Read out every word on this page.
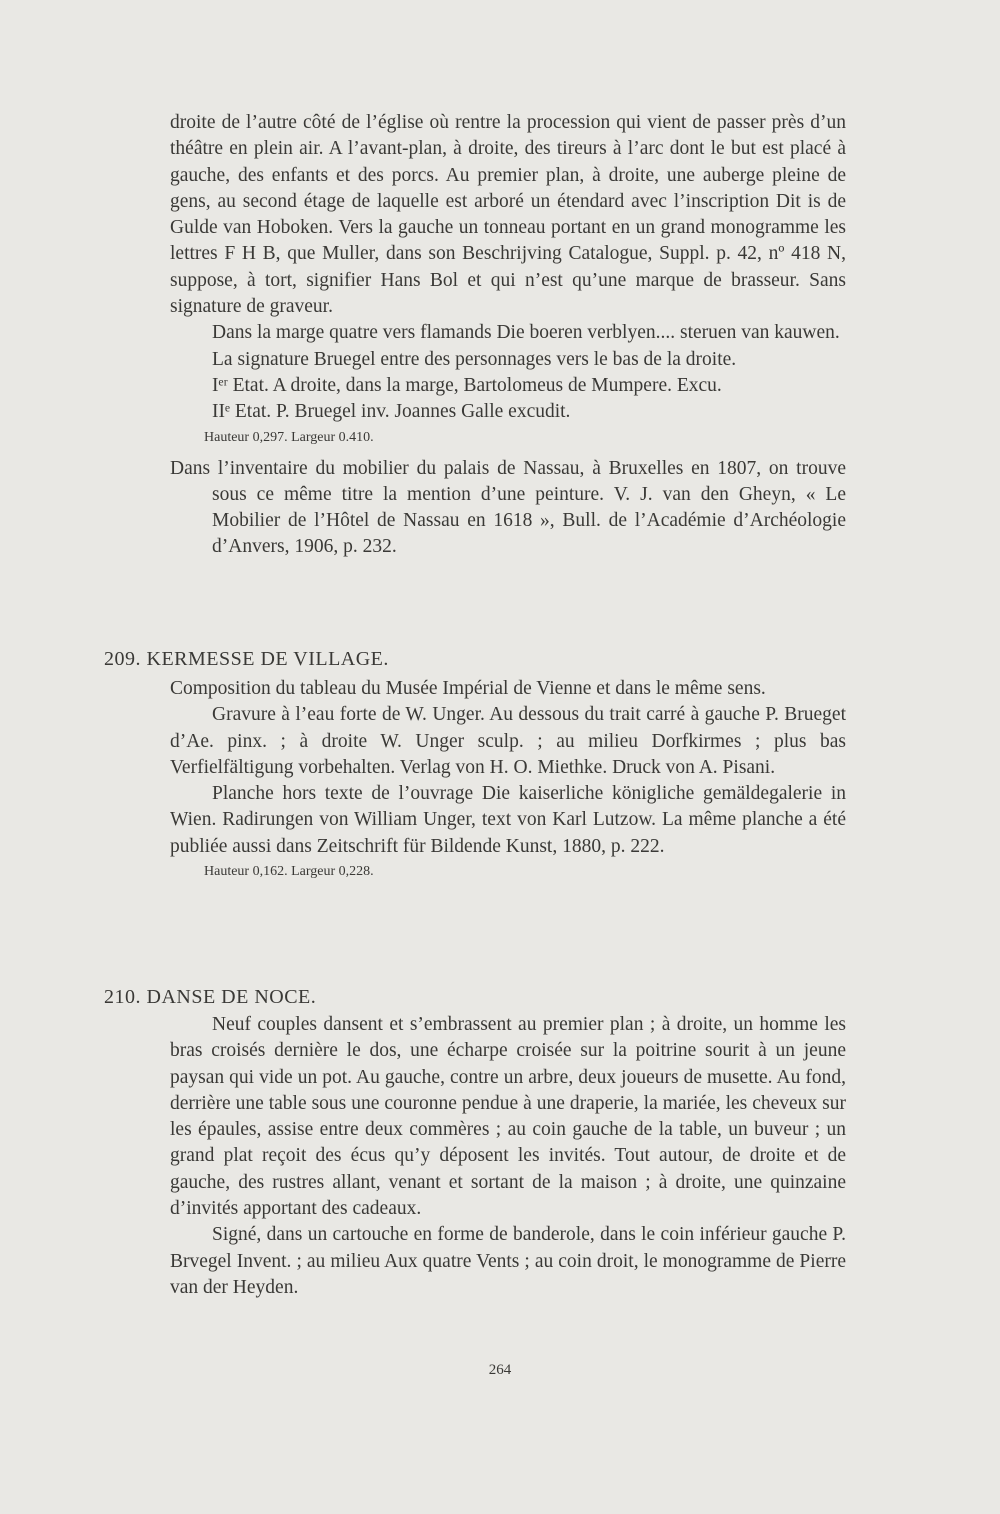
droite de l’autre côté de l’église où rentre la procession qui vient de passer près d’un théâtre en plein air. A l’avant-plan, à droite, des tireurs à l’arc dont le but est placé à gauche, des enfants et des porcs. Au premier plan, à droite, une auberge pleine de gens, au second étage de laquelle est arboré un étendard avec l’inscription Dit is de Gulde van Hoboken. Vers la gauche un tonneau portant en un grand monogramme les lettres F H B, que Muller, dans son Beschrijving Catalogue, Suppl. p. 42, nº 418 N, suppose, à tort, signifier Hans Bol et qui n’est qu’une marque de brasseur. Sans signature de graveur.

Dans la marge quatre vers flamands Die boeren verblyen.... steruen van kauwen.

La signature Bruegel entre des personnages vers le bas de la droite.

Iᵉʳ Etat. A droite, dans la marge, Bartolomeus de Mumpere. Excu.

IIᵉ Etat. P. Bruegel inv. Joannes Galle excudit.

Hauteur 0,297. Largeur 0.410.

Dans l’inventaire du mobilier du palais de Nassau, à Bruxelles en 1807, on trouve sous ce même titre la mention d’une peinture. V. J. van den Gheyn, « Le Mobilier de l’Hôtel de Nassau en 1618 », Bull. de l’Académie d’Archéologie d’Anvers, 1906, p. 232.

209. KERMESSE DE VILLAGE.

Composition du tableau du Musée Impérial de Vienne et dans le même sens.

Gravure à l’eau forte de W. Unger. Au dessous du trait carré à gauche P. Brueget d’Ae. pinx. ; à droite W. Unger sculp. ; au milieu Dorfkirmes ; plus bas Verfielfältigung vorbehalten. Verlag von H. O. Miethke. Druck von A. Pisani.

Planche hors texte de l’ouvrage Die kaiserliche königliche gemäldegalerie in Wien. Radirungen von William Unger, text von Karl Lutzow. La même planche a été publiée aussi dans Zeitschrift für Bildende Kunst, 1880, p. 222.

Hauteur 0,162. Largeur 0,228.

210. DANSE DE NOCE.

Neuf couples dansent et s’embrassent au premier plan ; à droite, un homme les bras croisés dernière le dos, une écharpe croisée sur la poitrine sourit à un jeune paysan qui vide un pot. Au gauche, contre un arbre, deux joueurs de musette. Au fond, derrière une table sous une couronne pendue à une draperie, la mariée, les cheveux sur les épaules, assise entre deux commères ; au coin gauche de la table, un buveur ; un grand plat reçoit des écus qu’y déposent les invités. Tout autour, de droite et de gauche, des rustres allant, venant et sortant de la maison ; à droite, une quinzaine d’invités apportant des cadeaux.

Signé, dans un cartouche en forme de banderole, dans le coin inférieur gauche P. Brvegel Invent. ; au milieu Aux quatre Vents ; au coin droit, le monogramme de Pierre van der Heyden.

264
